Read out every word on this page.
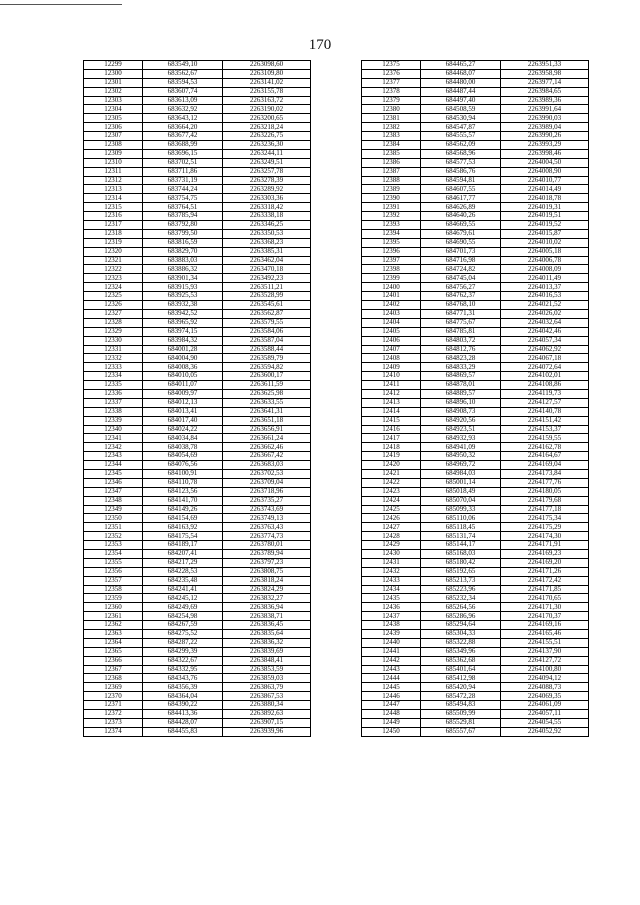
170
12299	683549,10	2263098,60
12300	683562,67	2263109,80
12301	683594,53	2263141,02
12302	683607,74	2263155,78
12303	683613,09	2263163,72
12304	683632,92	2263190,02
12305	683643,12	2263200,65
12306	683664,20	2263218,24
12307	683677,42	2263226,75
12308	683688,99	2263236,30
12309	683696,15	2263244,11
12310	683702,51	2263249,51
12311	683711,86	2263257,78
12312	683731,19	2263278,39
12313	683744,24	2263289,92
12314	683754,75	2263303,36
12315	683764,51	2263318,42
12316	683785,94	2263338,18
12317	683792,80	2263346,25
12318	683799,50	2263350,53
12319	683816,59	2263368,23
12320	683829,70	2263385,31
12321	683883,03	2263462,04
12322	683886,32	2263470,18
12323	683901,34	2263492,23
12324	683915,93	2263511,21
12325	683925,53	2263528,99
12326	683932,38	2263545,61
12327	683942,52	2263562,87
12328	683965,92	2263579,55
12329	683974,15	2263584,06
12330	683984,32	2263587,04
12331	684001,28	2263588,44
12332	684004,90	2263589,79
12333	684008,36	2263594,82
12334	684010,05	2263600,17
12335	684011,07	2263611,59
12336	684009,97	2263625,98
12337	684012,13	2263633,55
12338	684013,41	2263641,31
12339	684017,40	2263651,18
12340	684024,22	2263656,91
12341	684034,84	2263661,24
12342	684038,78	2263662,46
12343	684054,69	2263667,42
12344	684076,56	2263683,03
12345	684100,91	2263702,53
12346	684110,78	2263709,04
12347	684123,56	2263718,96
12348	684141,70	2263735,27
12349	684149,26	2263743,69
12350	684154,69	2263749,13
12351	684163,92	2263763,43
12352	684175,54	2263774,73
12353	684189,17	2263780,01
12354	684207,41	2263789,94
12355	684217,29	2263797,23
12356	684228,53	2263808,75
12357	684235,48	2263818,24
12358	684241,41	2263824,29
12359	684245,12	2263832,27
12360	684249,69	2263836,94
12361	684254,98	2263838,71
12362	684267,59	2263836,45
12363	684275,52	2263835,64
12364	684287,22	2263836,32
12365	684299,39	2263839,69
12366	684322,67	2263848,41
12367	684332,95	2263853,59
12368	684343,76	2263859,03
12369	684356,39	2263863,79
12370	684364,04	2263867,53
12371	684390,22	2263880,34
12372	684413,36	2263892,63
12373	684428,07	2263907,15
12374	684455,83	2263939,96
12375	684465,27	2263951,33
12376	684468,07	2263958,98
12377	684480,00	2263977,14
12378	684487,44	2263984,65
12379	684497,40	2263989,36
12380	684508,59	2263991,64
12381	684530,94	2263990,03
12382	684547,87	2263989,04
12383	684555,57	2263990,26
12384	684562,09	2263993,29
12385	684568,96	2263998,46
12386	684577,53	2264004,50
12387	684586,76	2264008,90
12388	684594,81	2264010,77
12389	684607,55	2264014,49
12390	684617,77	2264018,78
12391	684626,89	2264019,31
12392	684640,26	2264019,51
12393	684669,55	2264019,52
12394	684679,61	2264015,87
12395	684690,55	2264010,02
12396	684701,73	2264005,18
12397	684716,98	2264006,78
12398	684724,82	2264008,09
12399	684745,04	2264011,49
12400	684756,27	2264013,37
12401	684762,37	2264016,53
12402	684768,10	2264021,52
12403	684771,31	2264026,02
12404	684775,67	2264032,64
12405	684785,81	2264042,46
12406	684803,72	2264057,34
12407	684812,76	2264062,92
12408	684823,28	2264067,18
12409	684833,29	2264072,64
12410	684869,57	2264102,01
12411	684878,01	2264108,86
12412	684889,57	2264119,73
12413	684896,10	2264127,57
12414	684908,73	2264140,78
12415	684920,56	2264151,42
12416	684923,51	2264153,37
12417	684932,93	2264159,55
12418	684941,09	2264162,78
12419	684950,32	2264164,67
12420	684969,72	2264169,04
12421	684984,03	2264173,84
12422	685001,14	2264177,76
12423	685018,49	2264180,05
12424	685070,04	2264179,68
12425	685099,33	2264177,18
12426	685110,06	2264175,34
12427	685118,45	2264175,29
12428	685131,74	2264174,30
12429	685144,17	2264171,91
12430	685168,03	2264169,23
12431	685180,42	2264169,20
12432	685192,65	2264171,26
12433	685213,73	2264172,42
12434	685223,96	2264171,85
12435	685232,34	2264170,65
12436	685264,56	2264171,30
12437	685286,96	2264170,37
12438	685294,64	2264169,16
12439	685304,33	2264165,46
12440	685322,88	2264155,51
12441	685349,96	2264137,90
12442	685362,68	2264127,72
12443	685401,64	2264100,80
12444	685412,98	2264094,12
12445	685420,94	2264088,73
12446	685472,28	2264069,35
12447	685494,83	2264061,09
12448	685509,99	2264057,11
12449	685529,81	2264054,55
12450	685557,67	2264052,92
